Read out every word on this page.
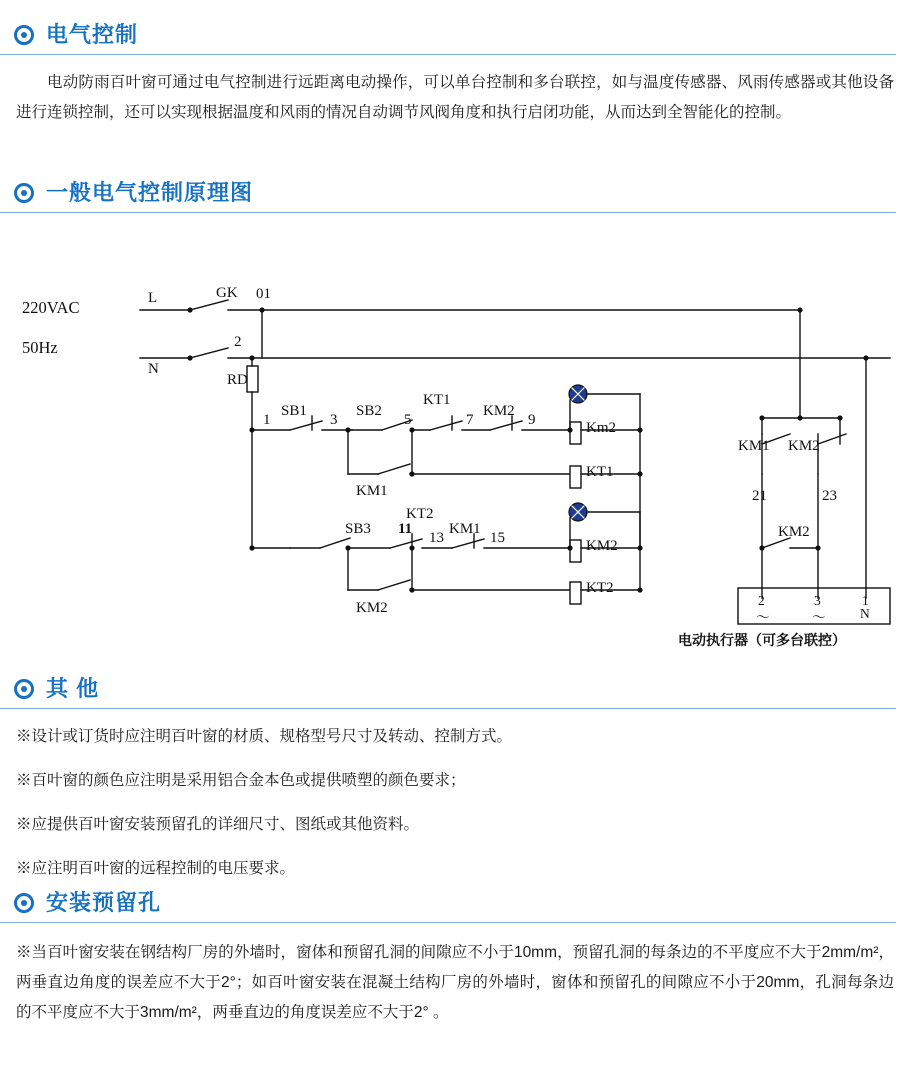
电气控制

电动防雨百叶窗可通过电气控制进行远距离电动操作，可以单台控制和多台联控，如与温度传感器、风雨传感器或其他设备进行连锁控制，还可以实现根据温度和风雨的情况自动调节风阀角度和执行启闭功能，从而达到全智能化的控制。

一般电气控制原理图
220VAC
50Hz
L
N
GK 01
2
RD
1
SB1
3
SB2
5
KT1
7
KM2
9	Km2
KT1
KM1
SB3 11
KT2
13
KM1
15	KM2
KT2
KM2
KM1 KM2
21	23
KM2
2	3	1
～	～	N
电动执行器（可多台联控）
其 他

※设计或订货时应注明百叶窗的材质、规格型号尺寸及转动、控制方式。

※百叶窗的颜色应注明是采用铝合金本色或提供喷塑的颜色要求；

※应提供百叶窗安装预留孔的详细尺寸、图纸或其他资料。

※应注明百叶窗的远程控制的电压要求。

安装预留孔

※当百叶窗安装在钢结构厂房的外墙时，窗体和预留孔洞的间隙应不小于10mm，预留孔洞的每条边的不平度应不大于2mm/m²，两垂直边角度的误差应不大于2°；如百叶窗安装在混凝土结构厂房的外墙时，窗体和预留孔的间隙应不小于20mm，孔洞每条边的不平度应不大于3mm/m²，两垂直边的角度误差应不大于2° 。
